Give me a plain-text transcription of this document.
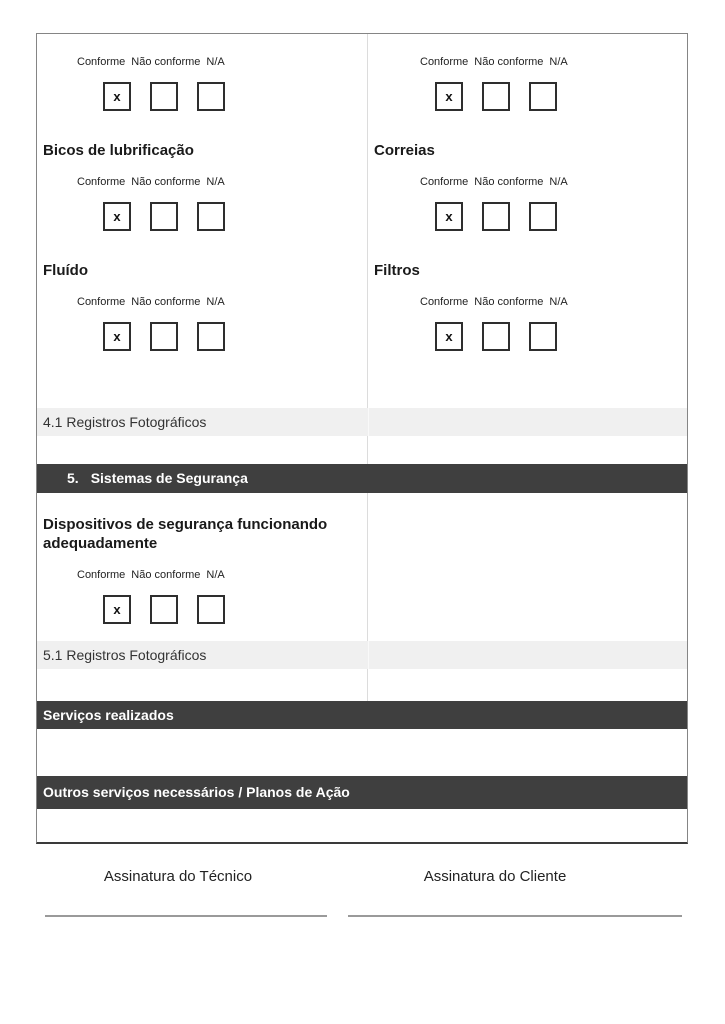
Conforme Não conforme N/A
x
Bicos de lubrificação
Conforme Não conforme N/A
x
Fluído
Conforme Não conforme N/A
x
Conforme Não conforme N/A
x
Correias
Conforme Não conforme N/A
x
Filtros
Conforme Não conforme N/A
x
4.1 Registros Fotográficos
5. Sistemas de Segurança
Dispositivos de segurança funcionando adequadamente
Conforme Não conforme N/A
x
5.1 Registros Fotográficos
Serviços realizados
Outros serviços necessários / Planos de Ação
Assinatura do Técnico	Assinatura do Cliente
